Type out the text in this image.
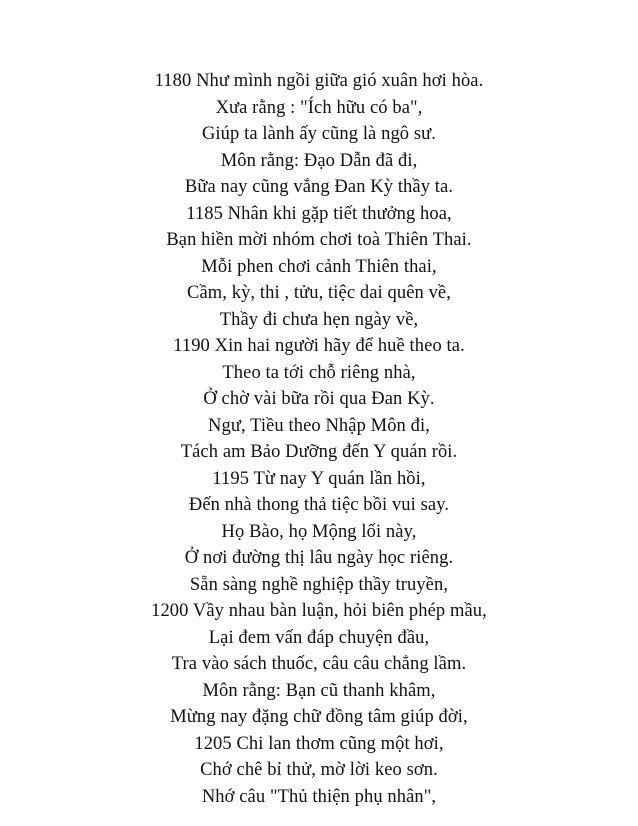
1180 Như mình ngồi giữa gió xuân hơi hòa.
Xưa rằng : "Ích hữu có ba",
Giúp ta lành ấy cũng là ngô sư.
Môn rằng: Đạo Dẫn đã đi,
Bữa nay cũng vắng Đan Kỳ thầy ta.
1185 Nhân khi gặp tiết thưởng hoa,
Bạn hiền mời nhóm chơi toà Thiên Thai.
Mỗi phen chơi cảnh Thiên thai,
Cầm, kỳ, thi , tửu, tiệc dai quên về,
Thầy đi chưa hẹn ngày về,
1190 Xin hai người hãy để huề theo ta.
Theo ta tới chỗ riêng nhà,
Ở chờ vài bữa rồi qua Đan Kỳ.
Ngư, Tiều theo Nhập Môn đi,
Tách am Bảo Dưỡng đến Y quán rồi.
1195 Từ nay Y quán lần hồi,
Đến nhà thong thả tiệc bồi vui say.
Họ Bào, họ Mộng lối này,
Ở nơi đường thị lâu ngày học riêng.
Sẵn sàng nghề nghiệp thầy truyền,
1200 Vầy nhau bàn luận, hỏi biên phép mầu,
Lại đem vấn đáp chuyện đầu,
Tra vào sách thuốc, câu câu chẳng lầm.
Môn rằng: Bạn cũ thanh khâm,
Mừng nay đặng chữ đồng tâm giúp đời,
1205 Chi lan thơm cũng một hơi,
Chớ chê bỉ thử, mờ lời keo sơn.
Nhớ câu "Thủ thiện phụ nhân",
